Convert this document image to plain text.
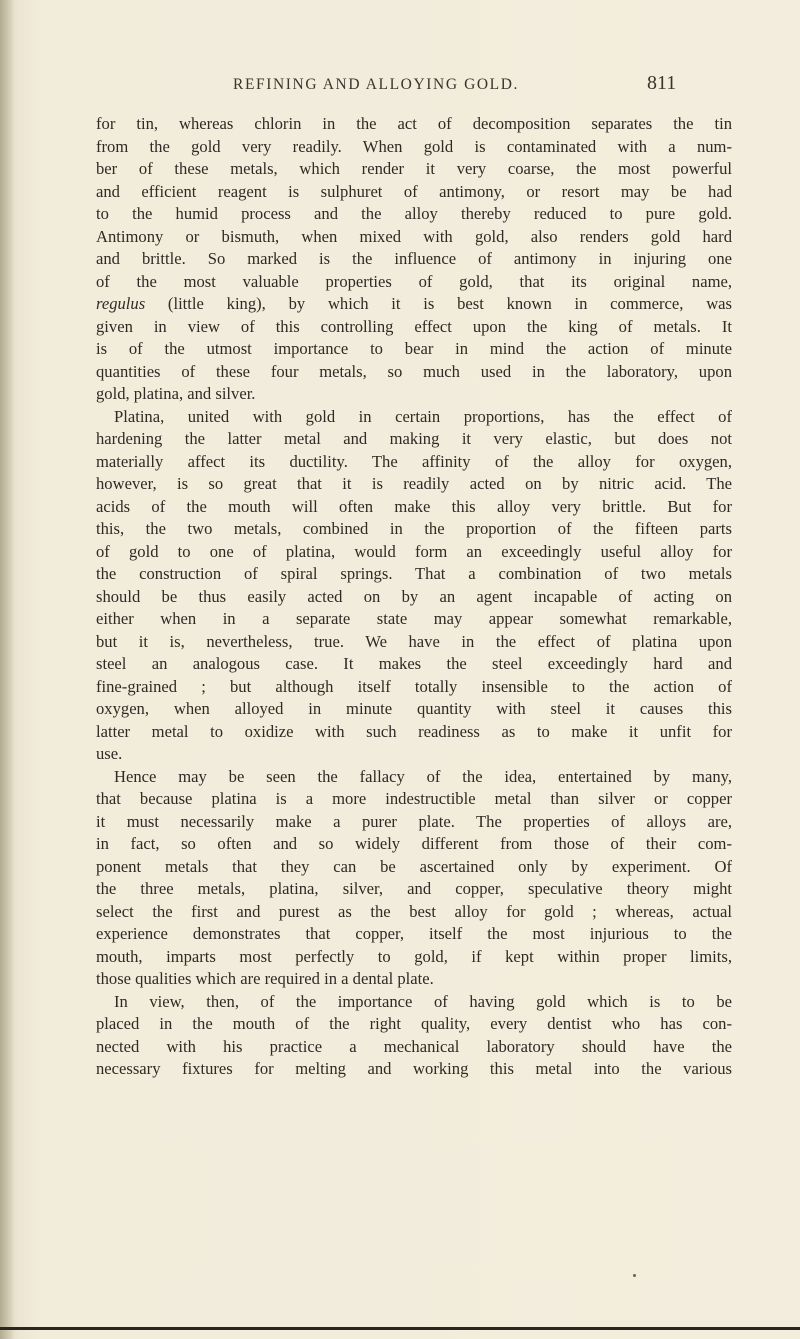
REFINING AND ALLOYING GOLD.	811
for tin, whereas chlorin in the act of decomposition separates the tin
from the gold very readily. When gold is contaminated with a num-
ber of these metals, which render it very coarse, the most powerful
and efficient reagent is sulphuret of antimony, or resort may be had
to the humid process and the alloy thereby reduced to pure gold.
Antimony or bismuth, when mixed with gold, also renders gold hard
and brittle. So marked is the influence of antimony in injuring one
of the most valuable properties of gold, that its original name,
regulus (little king), by which it is best known in commerce, was
given in view of this controlling effect upon the king of metals. It
is of the utmost importance to bear in mind the action of minute
quantities of these four metals, so much used in the laboratory, upon
gold, platina, and silver.
Platina, united with gold in certain proportions, has the effect of
hardening the latter metal and making it very elastic, but does not
materially affect its ductility. The affinity of the alloy for oxygen,
however, is so great that it is readily acted on by nitric acid. The
acids of the mouth will often make this alloy very brittle. But for
this, the two metals, combined in the proportion of the fifteen parts
of gold to one of platina, would form an exceedingly useful alloy for
the construction of spiral springs. That a combination of two metals
should be thus easily acted on by an agent incapable of acting on
either when in a separate state may appear somewhat remarkable,
but it is, nevertheless, true. We have in the effect of platina upon
steel an analogous case. It makes the steel exceedingly hard and
fine-grained ; but although itself totally insensible to the action of
oxygen, when alloyed in minute quantity with steel it causes this
latter metal to oxidize with such readiness as to make it unfit for
use.
Hence may be seen the fallacy of the idea, entertained by many,
that because platina is a more indestructible metal than silver or copper
it must necessarily make a purer plate. The properties of alloys are,
in fact, so often and so widely different from those of their com-
ponent metals that they can be ascertained only by experiment. Of
the three metals, platina, silver, and copper, speculative theory might
select the first and purest as the best alloy for gold ; whereas, actual
experience demonstrates that copper, itself the most injurious to the
mouth, imparts most perfectly to gold, if kept within proper limits,
those qualities which are required in a dental plate.
In view, then, of the importance of having gold which is to be
placed in the mouth of the right quality, every dentist who has con-
nected with his practice a mechanical laboratory should have the
necessary fixtures for melting and working this metal into the various
